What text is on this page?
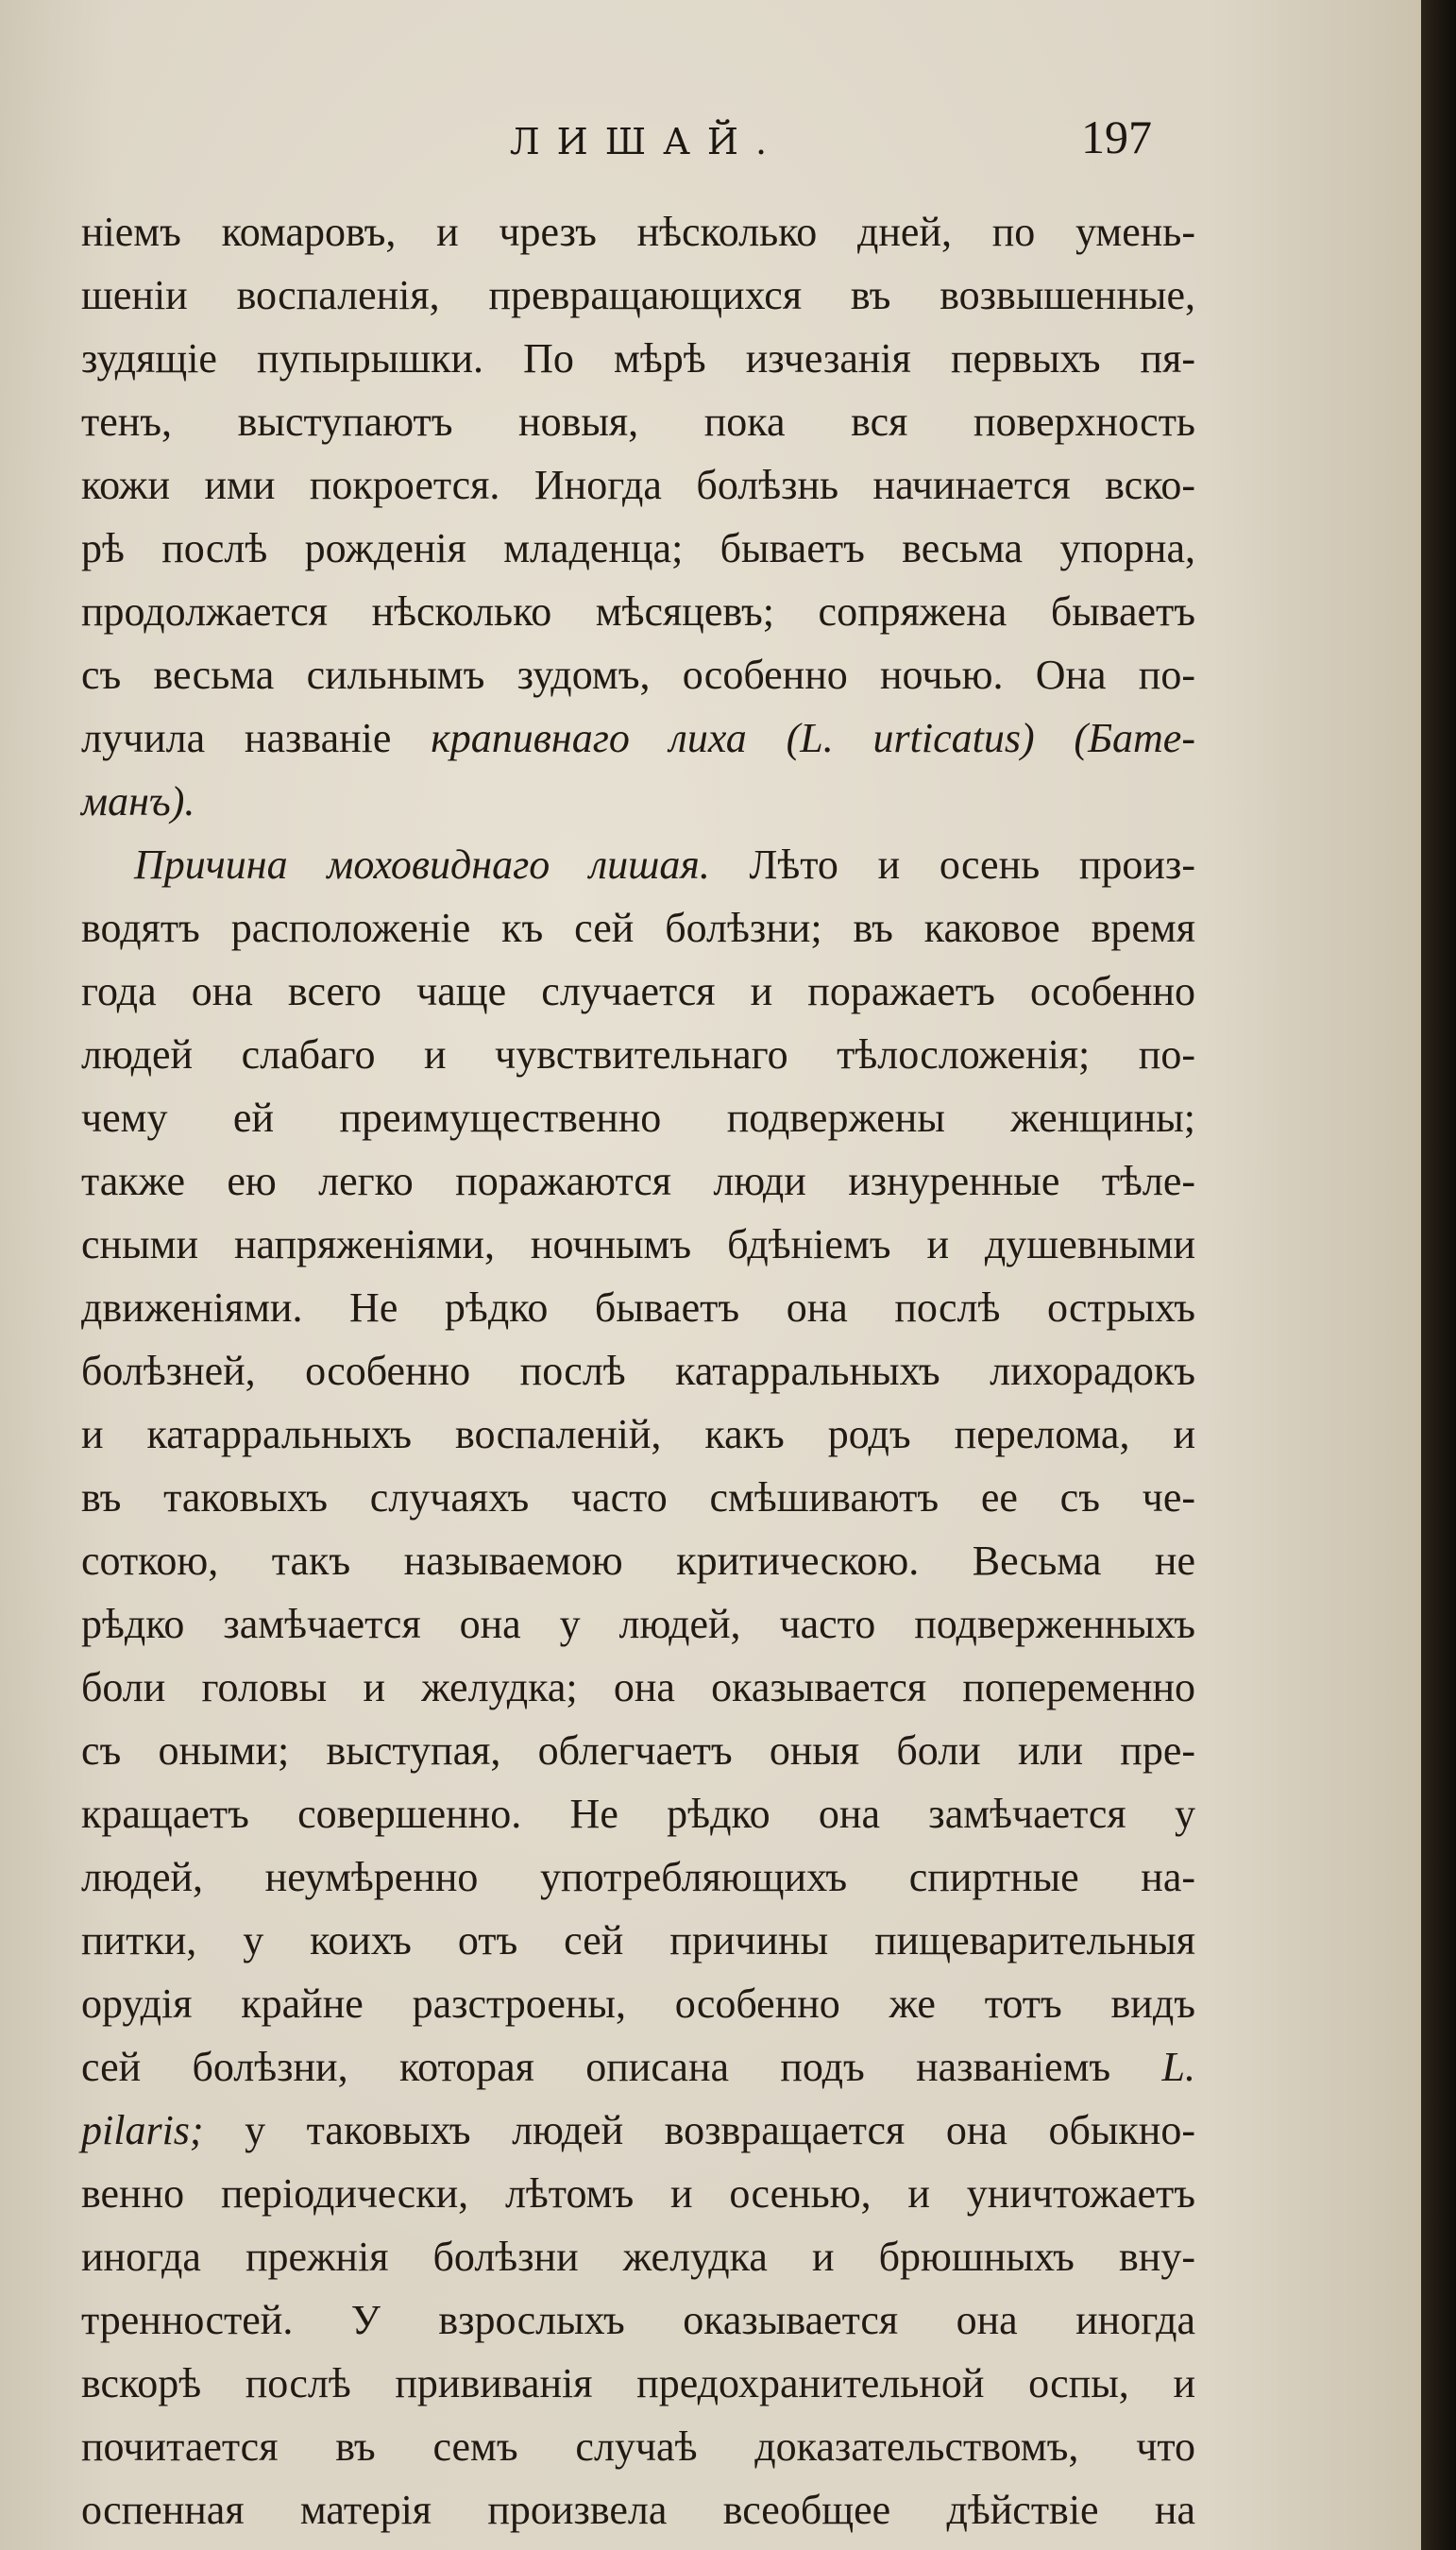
ЛИШАЙ.	197
ніемъ комаровъ, и чрезъ нѣсколько дней, по умень-
шеніи воспаленія, превращающихся въ возвышенные,
зудящіе пупырышки. По мѣрѣ изчезанія первыхъ пя-
тенъ, выступаютъ новыя, пока вся поверхность
кожи ими покроется. Иногда болѣзнь начинается вско-
рѣ послѣ рожденія младенца; бываетъ весьма упорна,
продолжается нѣсколько мѣсяцевъ; сопряжена бываетъ
съ весьма сильнымъ зудомъ, особенно ночью. Она по-
лучила названіе крапивнаго лиха (L. urticatus) (Бате-
манъ).
Причина моховиднаго лишая. Лѣто и осень произ-
водятъ расположеніе къ сей болѣзни; въ каковое время
года она всего чаще случается и поражаетъ особенно
людей слабаго и чувствительнаго тѣлосложенія; по-
чему ей преимущественно подвержены женщины;
также ею легко поражаются люди изнуренные тѣле-
сными напряженіями, ночнымъ бдѣніемъ и душевными
движеніями. Не рѣдко бываетъ она послѣ острыхъ
болѣзней, особенно послѣ катарральныхъ лихорадокъ
и катарральныхъ воспаленій, какъ родъ перелома, и
въ таковыхъ случаяхъ часто смѣшиваютъ ее съ че-
соткою, такъ называемою критическою. Весьма не
рѣдко замѣчается она у людей, часто подверженныхъ
боли головы и желудка; она оказывается попеременно
съ оными; выступая, облегчаетъ оныя боли или пре-
кращаетъ совершенно. Не рѣдко она замѣчается у
людей, неумѣренно употребляющихъ спиртные на-
питки, у коихъ отъ сей причины пищеварительныя
орудія крайне разстроены, особенно же тотъ видъ
сей болѣзни, которая описана подъ названіемъ L.
pilaris; у таковыхъ людей возвращается она обыкно-
венно періодически, лѣтомъ и осенью, и уничтожаетъ
иногда прежнія болѣзни желудка и брюшныхъ вну-
тренностей. У взрослыхъ оказывается она иногда
вскорѣ послѣ прививанія предохранительной оспы, и
почитается въ семъ случаѣ доказательствомъ, что
оспенная матерія произвела всеобщее дѣйствіе на
